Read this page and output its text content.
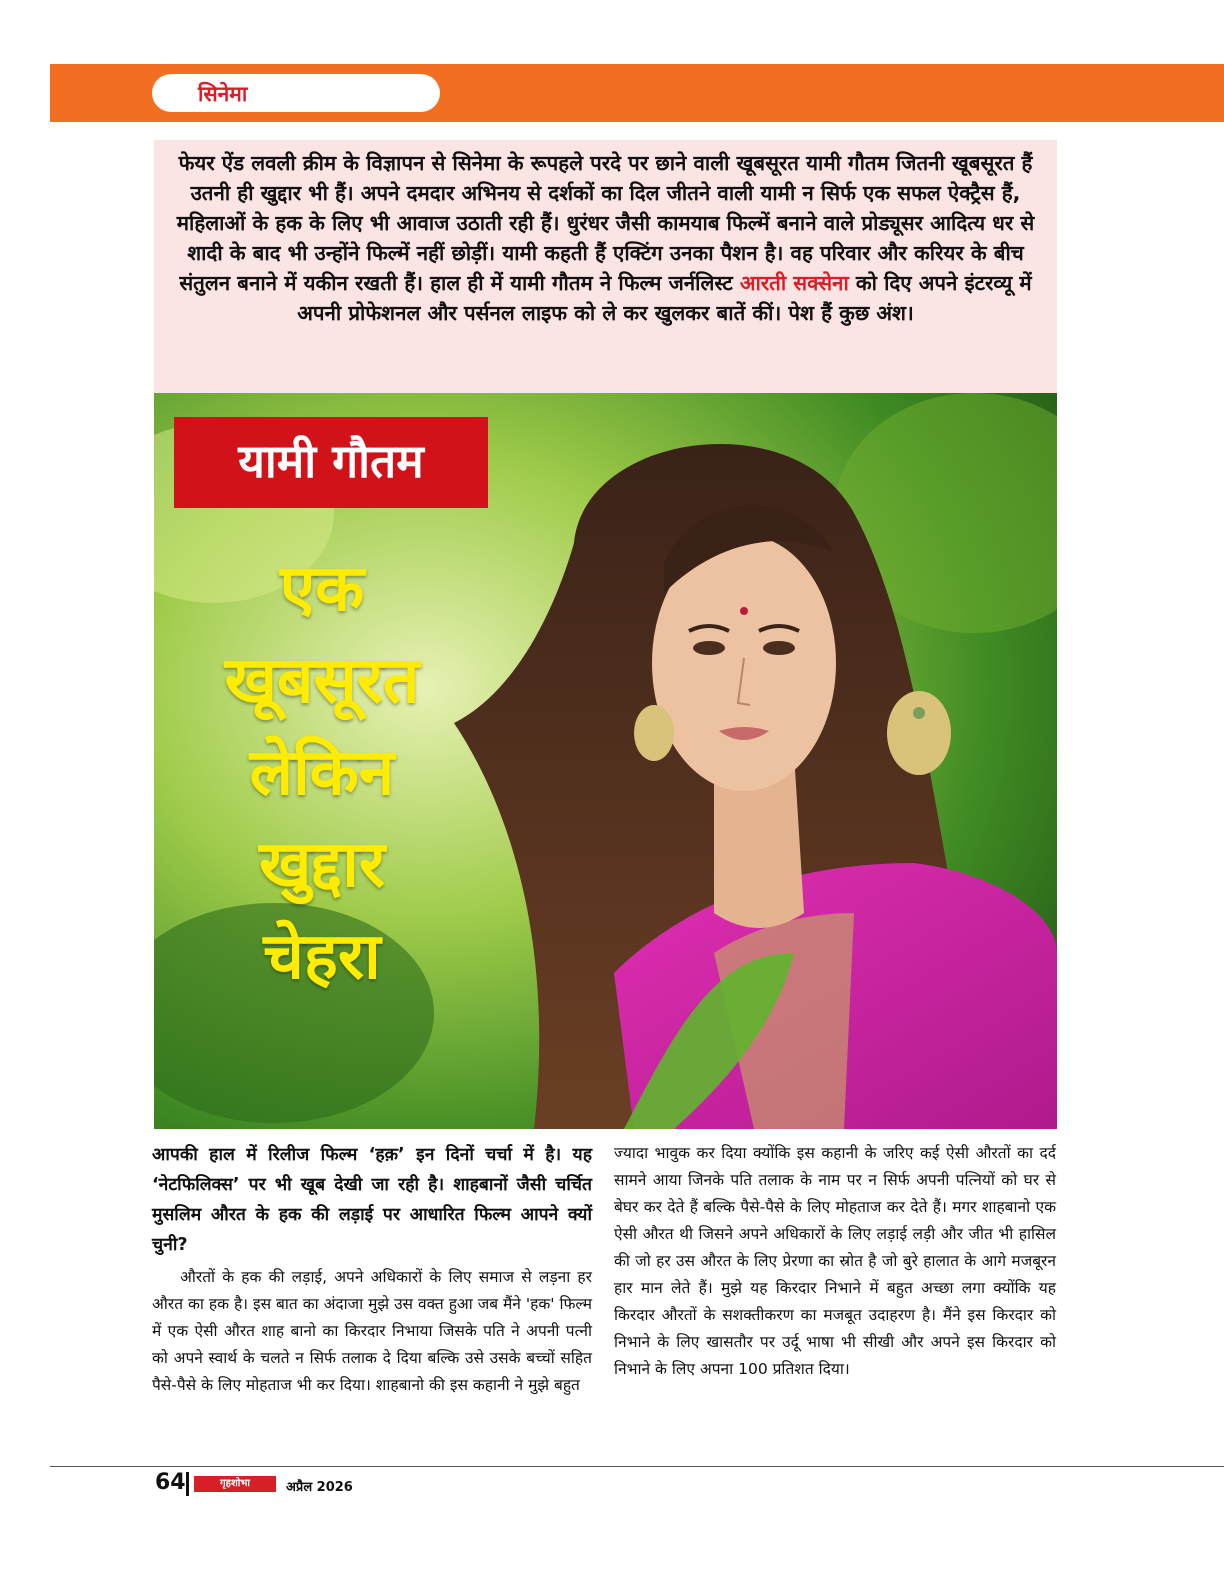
सिनेमा
फेयर ऐंड लवली क्रीम के विज्ञापन से सिनेमा के रूपहले परदे पर छाने वाली खूबसूरत यामी गौतम जितनी खूबसूरत हैं उतनी ही खुद्दार भी हैं। अपने दमदार अभिनय से दर्शकों का दिल जीतने वाली यामी न सिर्फ एक सफल ऐक्ट्रैस हैं, महिलाओं के हक के लिए भी आवाज उठाती रही हैं। धुरंधर जैसी कामयाब फिल्में बनाने वाले प्रोड्यूसर आदित्य धर से शादी के बाद भी उन्होंने फिल्में नहीं छोड़ीं। यामी कहती हैं एक्टिंग उनका पैशन है। वह परिवार और करियर के बीच संतुलन बनाने में यकीन रखती हैं। हाल ही में यामी गौतम ने फिल्म जर्नलिस्ट आरती सक्सेना को दिए अपने इंटरव्यू में अपनी प्रोफेशनल और पर्सनल लाइफ को ले कर खुलकर बातें कीं। पेश हैं कुछ अंश।
यामी गौतम
एक
खूबसूरत
लेकिन
खुद्दार
चेहरा

आपकी हाल में रिलीज फिल्म ‘हक़’ इन दिनों चर्चा में है। यह ‘नेटफिलिक्स’ पर भी खूब देखी जा रही है। शाहबानों जैसी चर्चित मुसलिम औरत के हक की लड़ाई पर आधारित फिल्म आपने क्यों चुनी?

औरतों के हक की लड़ाई, अपने अधिकारों के लिए समाज से लड़ना हर औरत का हक है। इस बात का अंदाजा मुझे उस वक्त हुआ जब मैंने 'हक' फिल्म में एक ऐसी औरत शाह बानो का किरदार निभाया जिसके पति ने अपनी पत्नी को अपने स्वार्थ के चलते न सिर्फ तलाक दे दिया बल्कि उसे उसके बच्चों सहित पैसे-पैसे के लिए मोहताज भी कर दिया। शाहबानो की इस कहानी ने मुझे बहुत

ज्यादा भावुक कर दिया क्योंकि इस कहानी के जरिए कई ऐसी औरतों का दर्द सामने आया जिनके पति तलाक के नाम पर न सिर्फ अपनी पत्नियों को घर से बेघर कर देते हैं बल्कि पैसे-पैसे के लिए मोहताज कर देते हैं। मगर शाहबानो एक ऐसी औरत थी जिसने अपने अधिकारों के लिए लड़ाई लड़ी और जीत भी हासिल की जो हर उस औरत के लिए प्रेरणा का स्रोत है जो बुरे हालात के आगे मजबूरन हार मान लेते हैं। मुझे यह किरदार निभाने में बहुत अच्छा लगा क्योंकि यह किरदार औरतों के सशक्तीकरण का मजबूत उदाहरण है। मैंने इस किरदार को निभाने के लिए खासतौर पर उर्दू भाषा भी सीखी और अपने इस किरदार को निभाने के लिए अपना 100 प्रतिशत दिया।

64	गृहशोभा	अप्रैल 2026
